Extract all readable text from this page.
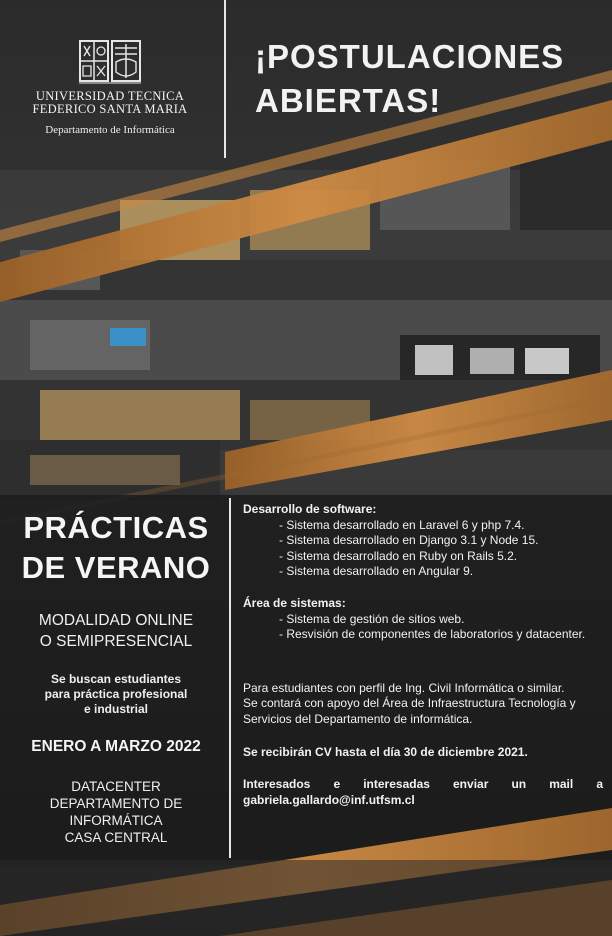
UNIVERSIDAD TECNICA
FEDERICO SANTA MARIA
Departamento de Informática
¡POSTULACIONES
ABIERTAS!
PRÁCTICAS
DE VERANO
MODALIDAD ONLINE
O SEMIPRESENCIAL
Se buscan estudiantes
para práctica profesional
e industrial
ENERO A MARZO 2022
DATACENTER
DEPARTAMENTO DE
INFORMÁTICA
CASA CENTRAL
Desarrollo de software:
- Sistema desarrollado en Laravel 6 y php 7.4.
- Sistema desarrollado en Django 3.1 y Node 15.
- Sistema desarrollado en Ruby on Rails 5.2.
- Sistema desarrollado en Angular 9.
Área de sistemas:
- Sistema de gestión de sitios web.
- Resvisión de componentes de laboratorios y datacenter.
Para estudiantes con perfil de Ing. Civil Informática o similar.
Se contará con apoyo del Área de Infraestructura Tecnología y
Servicios del Departamento de informática.
Se recibirán CV hasta el día 30 de diciembre 2021.
Interesados e interesadas enviar un mail a
gabriela.gallardo@inf.utfsm.cl
